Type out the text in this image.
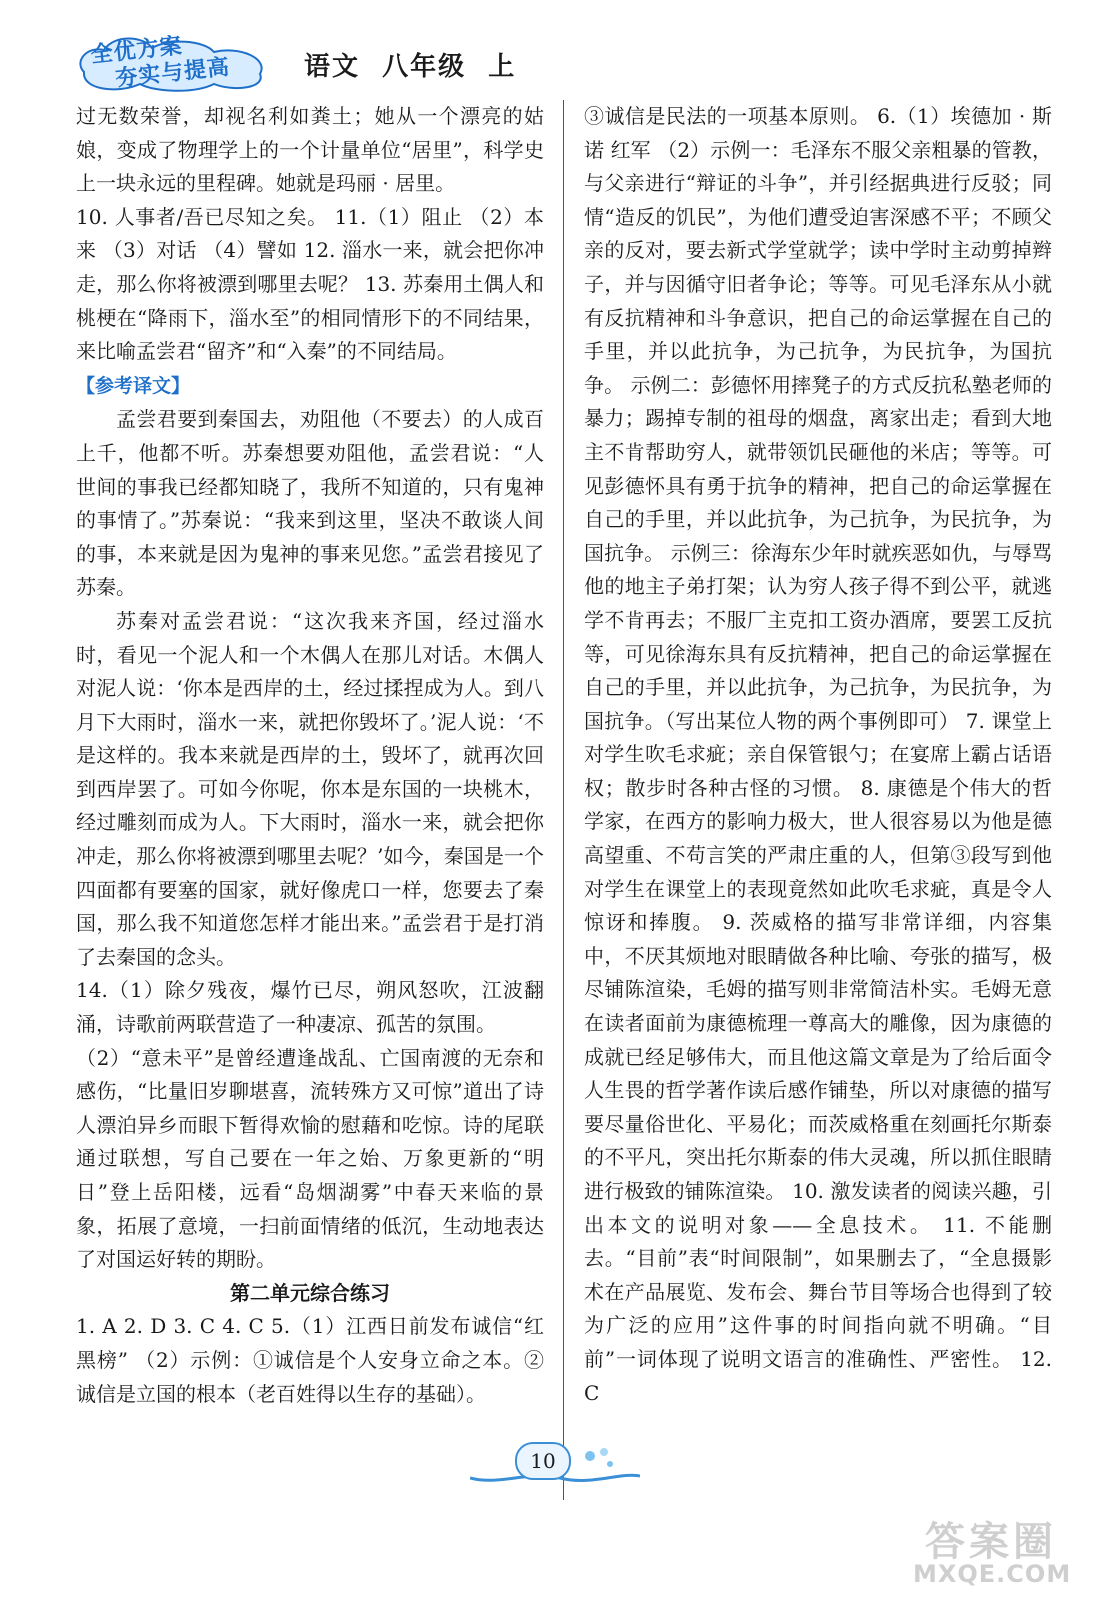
全优方案
夯实与提高	语文  八年级  上

过无数荣誉，却视名利如粪土；她从一个漂亮的姑娘，变成了物理学上的一个计量单位“居里”，科学史上一块永远的里程碑。她就是玛丽 · 居里。

10. 人事者/吾已尽知之矣。 11.（1）阻止 （2）本来 （3）对话 （4）譬如 12. 淄水一来，就会把你冲走，那么你将被漂到哪里去呢？ 13. 苏秦用土偶人和桃梗在“降雨下，淄水至”的相同情形下的不同结果，来比喻孟尝君“留齐”和“入秦”的不同结局。

【参考译文】

孟尝君要到秦国去，劝阻他（不要去）的人成百上千，他都不听。苏秦想要劝阻他，孟尝君说：“人世间的事我已经都知晓了，我所不知道的，只有鬼神的事情了。”苏秦说：“我来到这里，坚决不敢谈人间的事，本来就是因为鬼神的事来见您。”孟尝君接见了苏秦。

苏秦对孟尝君说：“这次我来齐国，经过淄水时，看见一个泥人和一个木偶人在那儿对话。木偶人对泥人说：‘你本是西岸的土，经过揉捏成为人。到八月下大雨时，淄水一来，就把你毁坏了。’泥人说：‘不是这样的。我本来就是西岸的土，毁坏了，就再次回到西岸罢了。可如今你呢，你本是东国的一块桃木，经过雕刻而成为人。下大雨时，淄水一来，就会把你冲走，那么你将被漂到哪里去呢？’如今，秦国是一个四面都有要塞的国家，就好像虎口一样，您要去了秦国，那么我不知道您怎样才能出来。”孟尝君于是打消了去秦国的念头。

14.（1）除夕残夜，爆竹已尽，朔风怒吹，江波翻涌，诗歌前两联营造了一种凄凉、孤苦的氛围。

（2）“意未平”是曾经遭逢战乱、亡国南渡的无奈和感伤，“比量旧岁聊堪喜，流转殊方又可惊”道出了诗人漂泊异乡而眼下暂得欢愉的慰藉和吃惊。诗的尾联通过联想，写自己要在一年之始、万象更新的“明日”登上岳阳楼，远看“岛烟湖雾”中春天来临的景象，拓展了意境，一扫前面情绪的低沉，生动地表达了对国运好转的期盼。

第二单元综合练习

1. A 2. D 3. C 4. C 5.（1）江西日前发布诚信“红黑榜” （2）示例：①诚信是个人安身立命之本。②诚信是立国的根本（老百姓得以生存的基础）。

③诚信是民法的一项基本原则。 6.（1）埃德加 · 斯诺 红军 （2）示例一：毛泽东不服父亲粗暴的管教，与父亲进行“辩证的斗争”，并引经据典进行反驳；同情“造反的饥民”，为他们遭受迫害深感不平；不顾父亲的反对，要去新式学堂就学；读中学时主动剪掉辫子，并与因循守旧者争论；等等。可见毛泽东从小就有反抗精神和斗争意识，把自己的命运掌握在自己的手里，并以此抗争，为己抗争，为民抗争，为国抗争。 示例二：彭德怀用摔凳子的方式反抗私塾老师的暴力；踢掉专制的祖母的烟盘，离家出走；看到大地主不肯帮助穷人，就带领饥民砸他的米店；等等。可见彭德怀具有勇于抗争的精神，把自己的命运掌握在自己的手里，并以此抗争，为己抗争，为民抗争，为国抗争。 示例三：徐海东少年时就疾恶如仇，与辱骂他的地主子弟打架；认为穷人孩子得不到公平，就逃学不肯再去；不服厂主克扣工资办酒席，要罢工反抗等，可见徐海东具有反抗精神，把自己的命运掌握在自己的手里，并以此抗争，为己抗争，为民抗争，为国抗争。（写出某位人物的两个事例即可） 7. 课堂上对学生吹毛求疵；亲自保管银勺；在宴席上霸占话语权；散步时各种古怪的习惯。 8. 康德是个伟大的哲学家，在西方的影响力极大，世人很容易以为他是德高望重、不苟言笑的严肃庄重的人，但第③段写到他对学生在课堂上的表现竟然如此吹毛求疵，真是令人惊讶和捧腹。 9. 茨威格的描写非常详细，内容集中，不厌其烦地对眼睛做各种比喻、夸张的描写，极尽铺陈渲染，毛姆的描写则非常简洁朴实。毛姆无意在读者面前为康德梳理一尊高大的雕像，因为康德的成就已经足够伟大，而且他这篇文章是为了给后面令人生畏的哲学著作读后感作铺垫，所以对康德的描写要尽量俗世化、平易化；而茨威格重在刻画托尔斯泰的不平凡，突出托尔斯泰的伟大灵魂，所以抓住眼睛进行极致的铺陈渲染。 10. 激发读者的阅读兴趣，引出本文的说明对象——全息技术。 11. 不能删去。“目前”表“时间限制”，如果删去了，“全息摄影术在产品展览、发布会、舞台节目等场合也得到了较为广泛的应用”这件事的时间指向就不明确。“目前”一词体现了说明文语言的准确性、严密性。 12. C

10
答案圈
MXQE.COM
